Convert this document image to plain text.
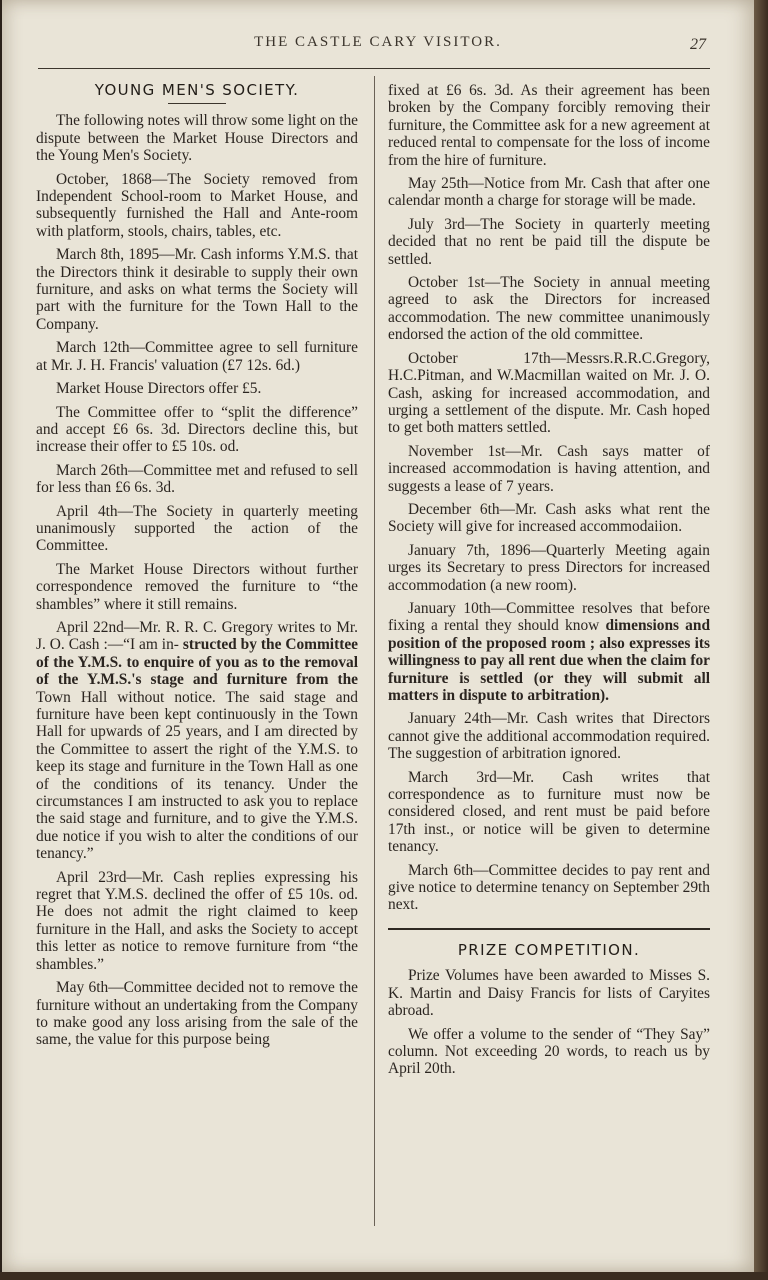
THE CASTLE CARY VISITOR.	27
YOUNG MEN'S SOCIETY.

The following notes will throw some light on the dispute between the Market House Directors and the Young Men's Society.

October, 1868—The Society removed from Independent School-room to Market House, and subsequently furnished the Hall and Ante-room with platform, stools, chairs, tables, etc.

March 8th, 1895—Mr. Cash informs Y.M.S. that the Directors think it desirable to supply their own furniture, and asks on what terms the Society will part with the furniture for the Town Hall to the Company.

March 12th—Committee agree to sell furniture at Mr. J. H. Francis' valuation (£7 12s. 6d.)

Market House Directors offer £5.

The Committee offer to “split the difference” and accept £6 6s. 3d. Directors decline this, but increase their offer to £5 10s. od.

March 26th—Committee met and refused to sell for less than £6 6s. 3d.

April 4th—The Society in quarterly meeting unanimously supported the action of the Committee.

The Market House Directors without further correspondence removed the furniture to “the shambles” where it still remains.

April 22nd—Mr. R. R. C. Gregory writes to Mr. J. O. Cash :—“I am in- structed by the Committee of the Y.M.S. to enquire of you as to the removal of the Y.M.S.'s stage and furniture from the Town Hall without notice. The said stage and furniture have been kept continuously in the Town Hall for upwards of 25 years, and I am directed by the Committee to assert the right of the Y.M.S. to keep its stage and furniture in the Town Hall as one of the conditions of its tenancy. Under the circumstances I am instructed to ask you to replace the said stage and furniture, and to give the Y.M.S. due notice if you wish to alter the conditions of our tenancy.”

April 23rd—Mr. Cash replies expressing his regret that Y.M.S. declined the offer of £5 10s. od. He does not admit the right claimed to keep furniture in the Hall, and asks the Society to accept this letter as notice to remove furniture from “the shambles.”

May 6th—Committee decided not to remove the furniture without an undertaking from the Company to make good any loss arising from the sale of the same, the value for this purpose being

fixed at £6 6s. 3d. As their agreement has been broken by the Company forcibly removing their furniture, the Committee ask for a new agreement at reduced rental to compensate for the loss of income from the hire of furniture.

May 25th—Notice from Mr. Cash that after one calendar month a charge for storage will be made.

July 3rd—The Society in quarterly meeting decided that no rent be paid till the dispute be settled.

October 1st—The Society in annual meeting agreed to ask the Directors for increased accommodation. The new committee unanimously endorsed the action of the old committee.

October 17th—Messrs.R.R.C.Gregory, H.C.Pitman, and W.Macmillan waited on Mr. J. O. Cash, asking for increased accommodation, and urging a settlement of the dispute. Mr. Cash hoped to get both matters settled.

November 1st—Mr. Cash says matter of increased accommodation is having attention, and suggests a lease of 7 years.

December 6th—Mr. Cash asks what rent the Society will give for increased accommodaiion.

January 7th, 1896—Quarterly Meeting again urges its Secretary to press Directors for increased accommodation (a new room).

January 10th—Committee resolves that before fixing a rental they should know dimensions and position of the proposed room ; also expresses its willingness to pay all rent due when the claim for furniture is settled (or they will submit all matters in dispute to arbitration).

January 24th—Mr. Cash writes that Directors cannot give the additional accommodation required. The suggestion of arbitration ignored.

March 3rd—Mr. Cash writes that correspondence as to furniture must now be considered closed, and rent must be paid before 17th inst., or notice will be given to determine tenancy.

March 6th—Committee decides to pay rent and give notice to determine tenancy on September 29th next.

PRIZE COMPETITION.

Prize Volumes have been awarded to Misses S. K. Martin and Daisy Francis for lists of Caryites abroad.

We offer a volume to the sender of “They Say” column. Not exceeding 20 words, to reach us by April 20th.
